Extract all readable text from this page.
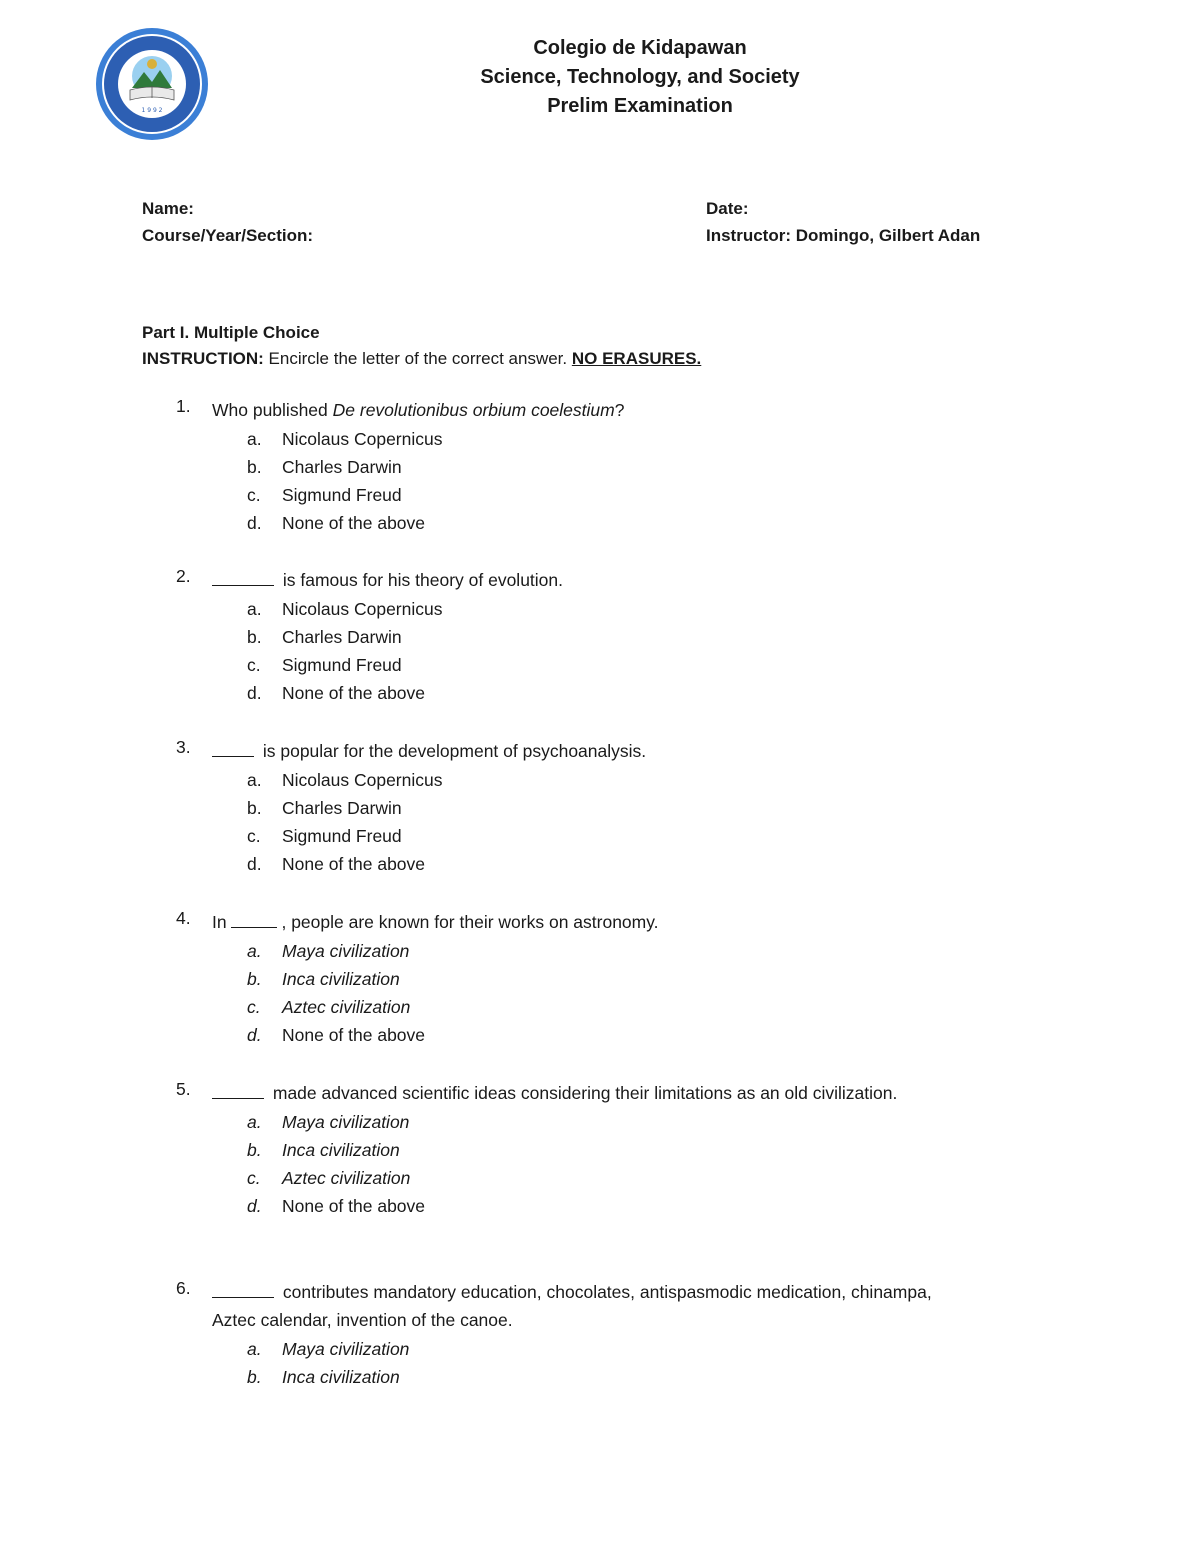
1 9 9 2
Colegio de Kidapawan
Science, Technology, and Society
Prelim Examination
Name:
Course/Year/Section:
Date:
Instructor: Domingo, Gilbert Adan
Part I. Multiple Choice
INSTRUCTION: Encircle the letter of the correct answer. NO ERASURES.
1.	Who published De revolutionibus orbium coelestium?
a. Nicolaus Copernicus
b. Charles Darwin
c. Sigmund Freud
d. None of the above
2.	is famous for his theory of evolution.
a. Nicolaus Copernicus
b. Charles Darwin
c. Sigmund Freud
d. None of the above
3.	is popular for the development of psychoanalysis.
a. Nicolaus Copernicus
b. Charles Darwin
c. Sigmund Freud
d. None of the above
4.	In	, people are known for their works on astronomy.
a. Maya civilization
b. Inca civilization
c. Aztec civilization
d. None of the above
5.	made advanced scientific ideas considering their limitations as an old civilization.
a. Maya civilization
b. Inca civilization
c. Aztec civilization
d. None of the above
6.	contributes mandatory education, chocolates, antispasmodic medication, chinampa,
Aztec calendar, invention of the canoe.
a. Maya civilization
b. Inca civilization
